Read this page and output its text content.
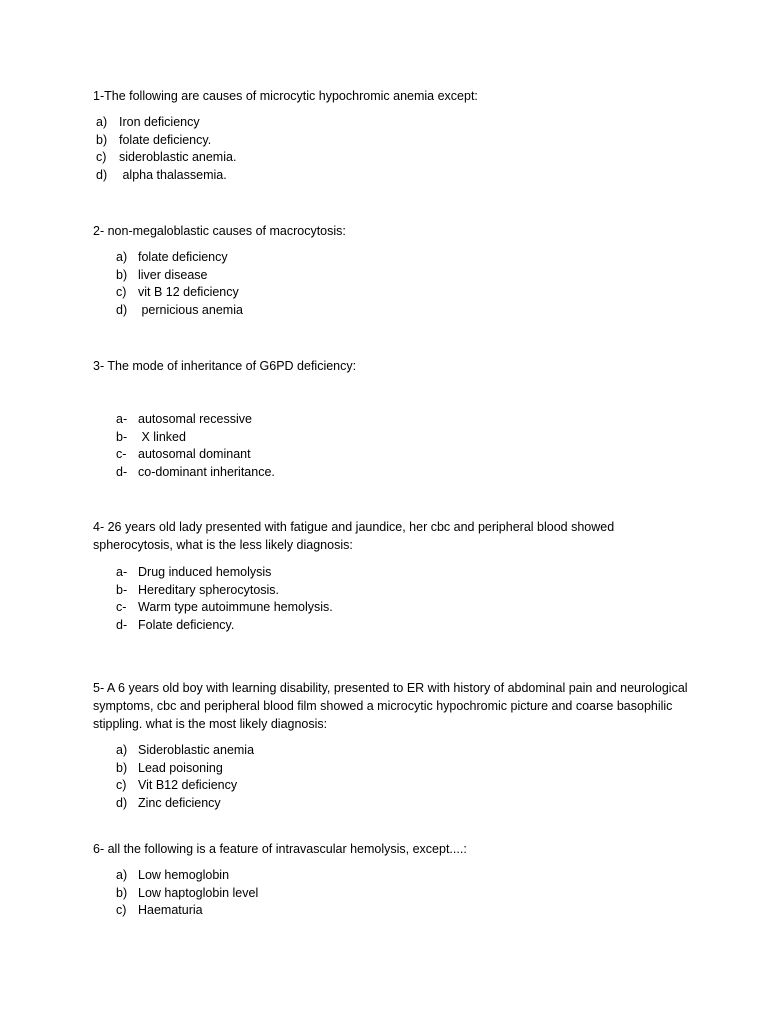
1-The following are causes of microcytic hypochromic anemia except:

a) Iron deficiency
b) folate deficiency.
c) sideroblastic anemia.
d) alpha thalassemia.

2- non-megaloblastic causes of macrocytosis:

a) folate deficiency
b) liver disease
c) vit B 12 deficiency
d) pernicious anemia

3- The mode of inheritance of G6PD deficiency:

a- autosomal recessive
b- X linked
c- autosomal dominant
d- co-dominant inheritance.

4- 26 years old lady presented with fatigue and jaundice, her cbc and peripheral blood showed spherocytosis, what is the less likely diagnosis:

a- Drug induced hemolysis
b- Hereditary spherocytosis.
c- Warm type autoimmune hemolysis.
d- Folate deficiency.

5- A 6 years old boy with learning disability, presented to ER with history of abdominal pain and neurological symptoms, cbc and peripheral blood film showed a microcytic hypochromic picture and coarse basophilic stippling. what is the most likely diagnosis:

a) Sideroblastic anemia
b) Lead poisoning
c) Vit B12 deficiency
d) Zinc deficiency

6- all the following is a feature of intravascular hemolysis, except....:

a) Low hemoglobin
b) Low haptoglobin level
c) Haematuria
